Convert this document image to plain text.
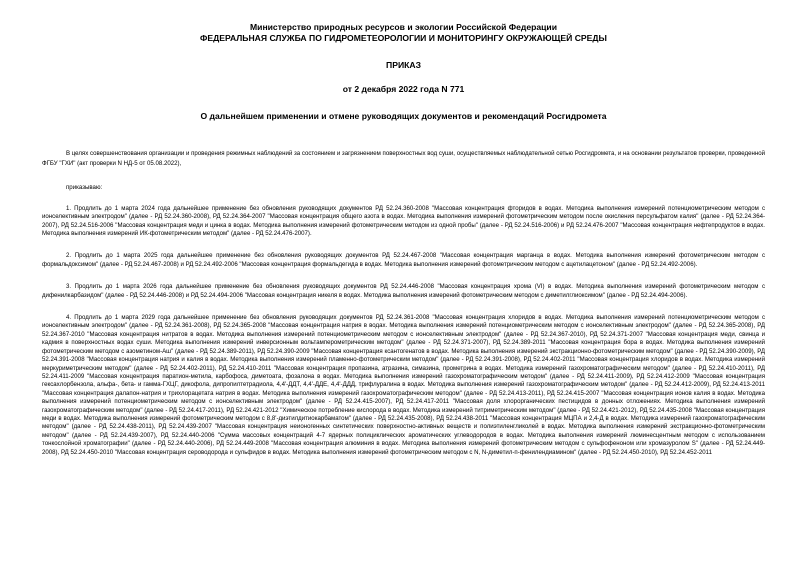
Министерство природных ресурсов и экологии Российской Федерации
ФЕДЕРАЛЬНАЯ СЛУЖБА ПО ГИДРОМЕТЕОРОЛОГИИ И МОНИТОРИНГУ ОКРУЖАЮЩЕЙ СРЕДЫ
ПРИКАЗ
от 2 декабря 2022 года N 771
О дальнейшем применении и отмене руководящих документов и рекомендаций Росгидромета

В целях совершенствования организации и проведения режимных наблюдений за состоянием и загрязнением поверхностных вод суши, осуществляемых наблюдательной сетью Росгидромета, и на основании результатов проверки, проведенной ФГБУ "ГХИ" (акт проверки N НД-5 от 05.08.2022),

приказываю:

1. Продлить до 1 марта 2024 года дальнейшее применение без обновления руководящих документов РД 52.24.360-2008 "Массовая концентрация фторидов в водах. Методика выполнения измерений потенциометрическим методом с ионселективным электродом" (далее - РД 52.24.360-2008), РД 52.24.364-2007 "Массовая концентрация общего азота в водах. Методика выполнения измерений фотометрическим методом после окисления персульфатом калия" (далее - РД 52.24.364-2007), РД 52.24.516-2006 "Массовая концентрация меди и цинка в водах. Методика выполнения измерений фотометрическим методом из одной пробы" (далее - РД 52.24.516-2006) и РД 52.24.476-2007 "Массовая концентрация нефтепродуктов в водах. Методика выполнения измерений ИК-фотометрическим методом" (далее - РД 52.24.476-2007).

2. Продлить до 1 марта 2025 года дальнейшее применение без обновления руководящих документов РД 52.24.467-2008 "Массовая концентрация марганца в водах. Методика выполнения измерений фотометрическим методом с формальдоксимом" (далее - РД 52.24.467-2008) и РД 52.24.492-2006 "Массовая концентрация формальдегида в водах. Методика выполнения измерений фотометрическим методом с ацетилацетоном" (далее - РД 52.24.492-2006).

3. Продлить до 1 марта 2026 года дальнейшее применение без обновления руководящих документов РД 52.24.446-2008 "Массовая концентрация хрома (VI) в водах. Методика выполнения измерений фотометрическим методом с дифенилкарбазидом" (далее - РД 52.24.446-2008) и РД 52.24.494-2006 "Массовая концентрация никеля в водах. Методика выполнения измерений фотометрическим методом с диметилглиоксимом" (далее - РД 52.24.494-2006).

4. Продлить до 1 марта 2029 года дальнейшее применение без обновления руководящих документов РД 52.24.361-2008 "Массовая концентрация хлоридов в водах. Методика выполнения измерений потенциометрическим методом с ионселективным электродом" (далее - РД 52.24.361-2008), РД 52.24.365-2008 "Массовая концентрация натрия в водах. Методика выполнения измерений потенциометрическим методом с ионселективным электродом" (далее - РД 52.24.365-2008), РД 52.24.367-2010 "Массовая концентрация нитратов в водах. Методика выполнения измерений потенциометрическим методом с ионселективным электродом" (далее - РД 52.24.367-2010), РД 52.24.371-2007 "Массовая концентрация меди, свинца и кадмия в поверхностных водах суши. Методика выполнения измерений инверсионным вольтамперометрическим методом" (далее - РД 52.24.371-2007), РД 52.24.389-2011 "Массовая концентрация бора в водах. Методика выполнения измерений фотометрическим методом с азометином-Аш" (далее - РД 52.24.389-2011), РД 52.24.390-2009 "Массовая концентрация ксантогенатов в водах. Методика выполнения измерений экстракционно-фотометрическим методом" (далее - РД 52.24.390-2009), РД 52.24.391-2008 "Массовая концентрация натрия и калия в водах. Методика выполнения измерений пламенно-фотометрическим методом" (далее - РД 52.24.391-2008), РД 52.24.402-2011 "Массовая концентрация хлоридов в водах. Методика измерений меркуриметрическим методом" (далее - РД 52.24.402-2011), РД 52.24.410-2011 "Массовая концентрация пропазина, атразина, симазина, прометрина в водах. Методика измерений газохроматографическим методом" (далее - РД 52.24.410-2011), РД 52.24.411-2009 "Массовая концентрация паратион-метила, карбофоса, диметоата, фозалона в водах. Методика выполнения измерений газохроматографическим методом" (далее - РД 52.24.411-2009), РД 52.24.412-2009 "Массовая концентрация гексахлорбензола, альфа-, бета- и гамма-ГХЦГ, дикофола, дипропилтетрадиола, 4,4'-ДДТ, 4,4'-ДДЕ, 4,4'-ДДД, трифлуралина в водах. Методика выполнения измерений газохроматографическим методом" (далее - РД 52.24.412-2009), РД 52.24.413-2011 "Массовая концентрация далапон-натрия и трихлорацетата натрия в водах. Методика выполнения измерений газохроматографическим методом" (далее - РД 52.24.413-2011), РД 52.24.415-2007 "Массовая концентрация ионов калия в водах. Методика выполнения измерений потенциометрическим методом с ионселективным электродом" (далее - РД 52.24.415-2007), РД 52.24.417-2011 "Массовая доля хлорорганических пестицидов в донных отложениях. Методика выполнения измерений газохроматографическим методом" (далее - РД 52.24.417-2011), РД 52.24.421-2012 "Химическое потребление кислорода в водах. Методика измерений титриметрическим методом" (далее - РД 52.24.421-2012), РД 52.24.435-2008 "Массовая концентрация меди в водах. Методика выполнения измерений фотометрическим методом с 8,8'-диэтилдитиокарбаматом" (далее - РД 52.24.435-2008), РД 52.24.438-2011 "Массовая концентрация МЦПА и 2,4-Д в водах. Методика измерений газохроматографическим методом" (далее - РД 52.24.438-2011), РД 52.24.439-2007 "Массовая концентрация неионогенных синтетических поверхностно-активных веществ и полиэтиленгликолей в водах. Методика выполнения измерений экстракционно-фотометрическим методом" (далее - РД 52.24.439-2007), РД 52.24.440-2006 "Сумма массовых концентраций 4-7 ядерных полициклических ароматических углеводородов в водах. Методика выполнения измерений люминесцентным методом с использованием тонкослойной хроматографии" (далее - РД 52.24.440-2006), РД 52.24.449-2008 "Массовая концентрация алюминия в водах. Методика выполнения измерений фотометрическим методом с сульфофеноном или хромазуролом S" (далее - РД 52.24.449-2008), РД 52.24.450-2010 "Массовая концентрация сероводорода и сульфидов в водах. Методика выполнения измерений фотометрическим методом с N, N-диметил-п-фенилендиамином" (далее - РД 52.24.450-2010), РД 52.24.452-2011
